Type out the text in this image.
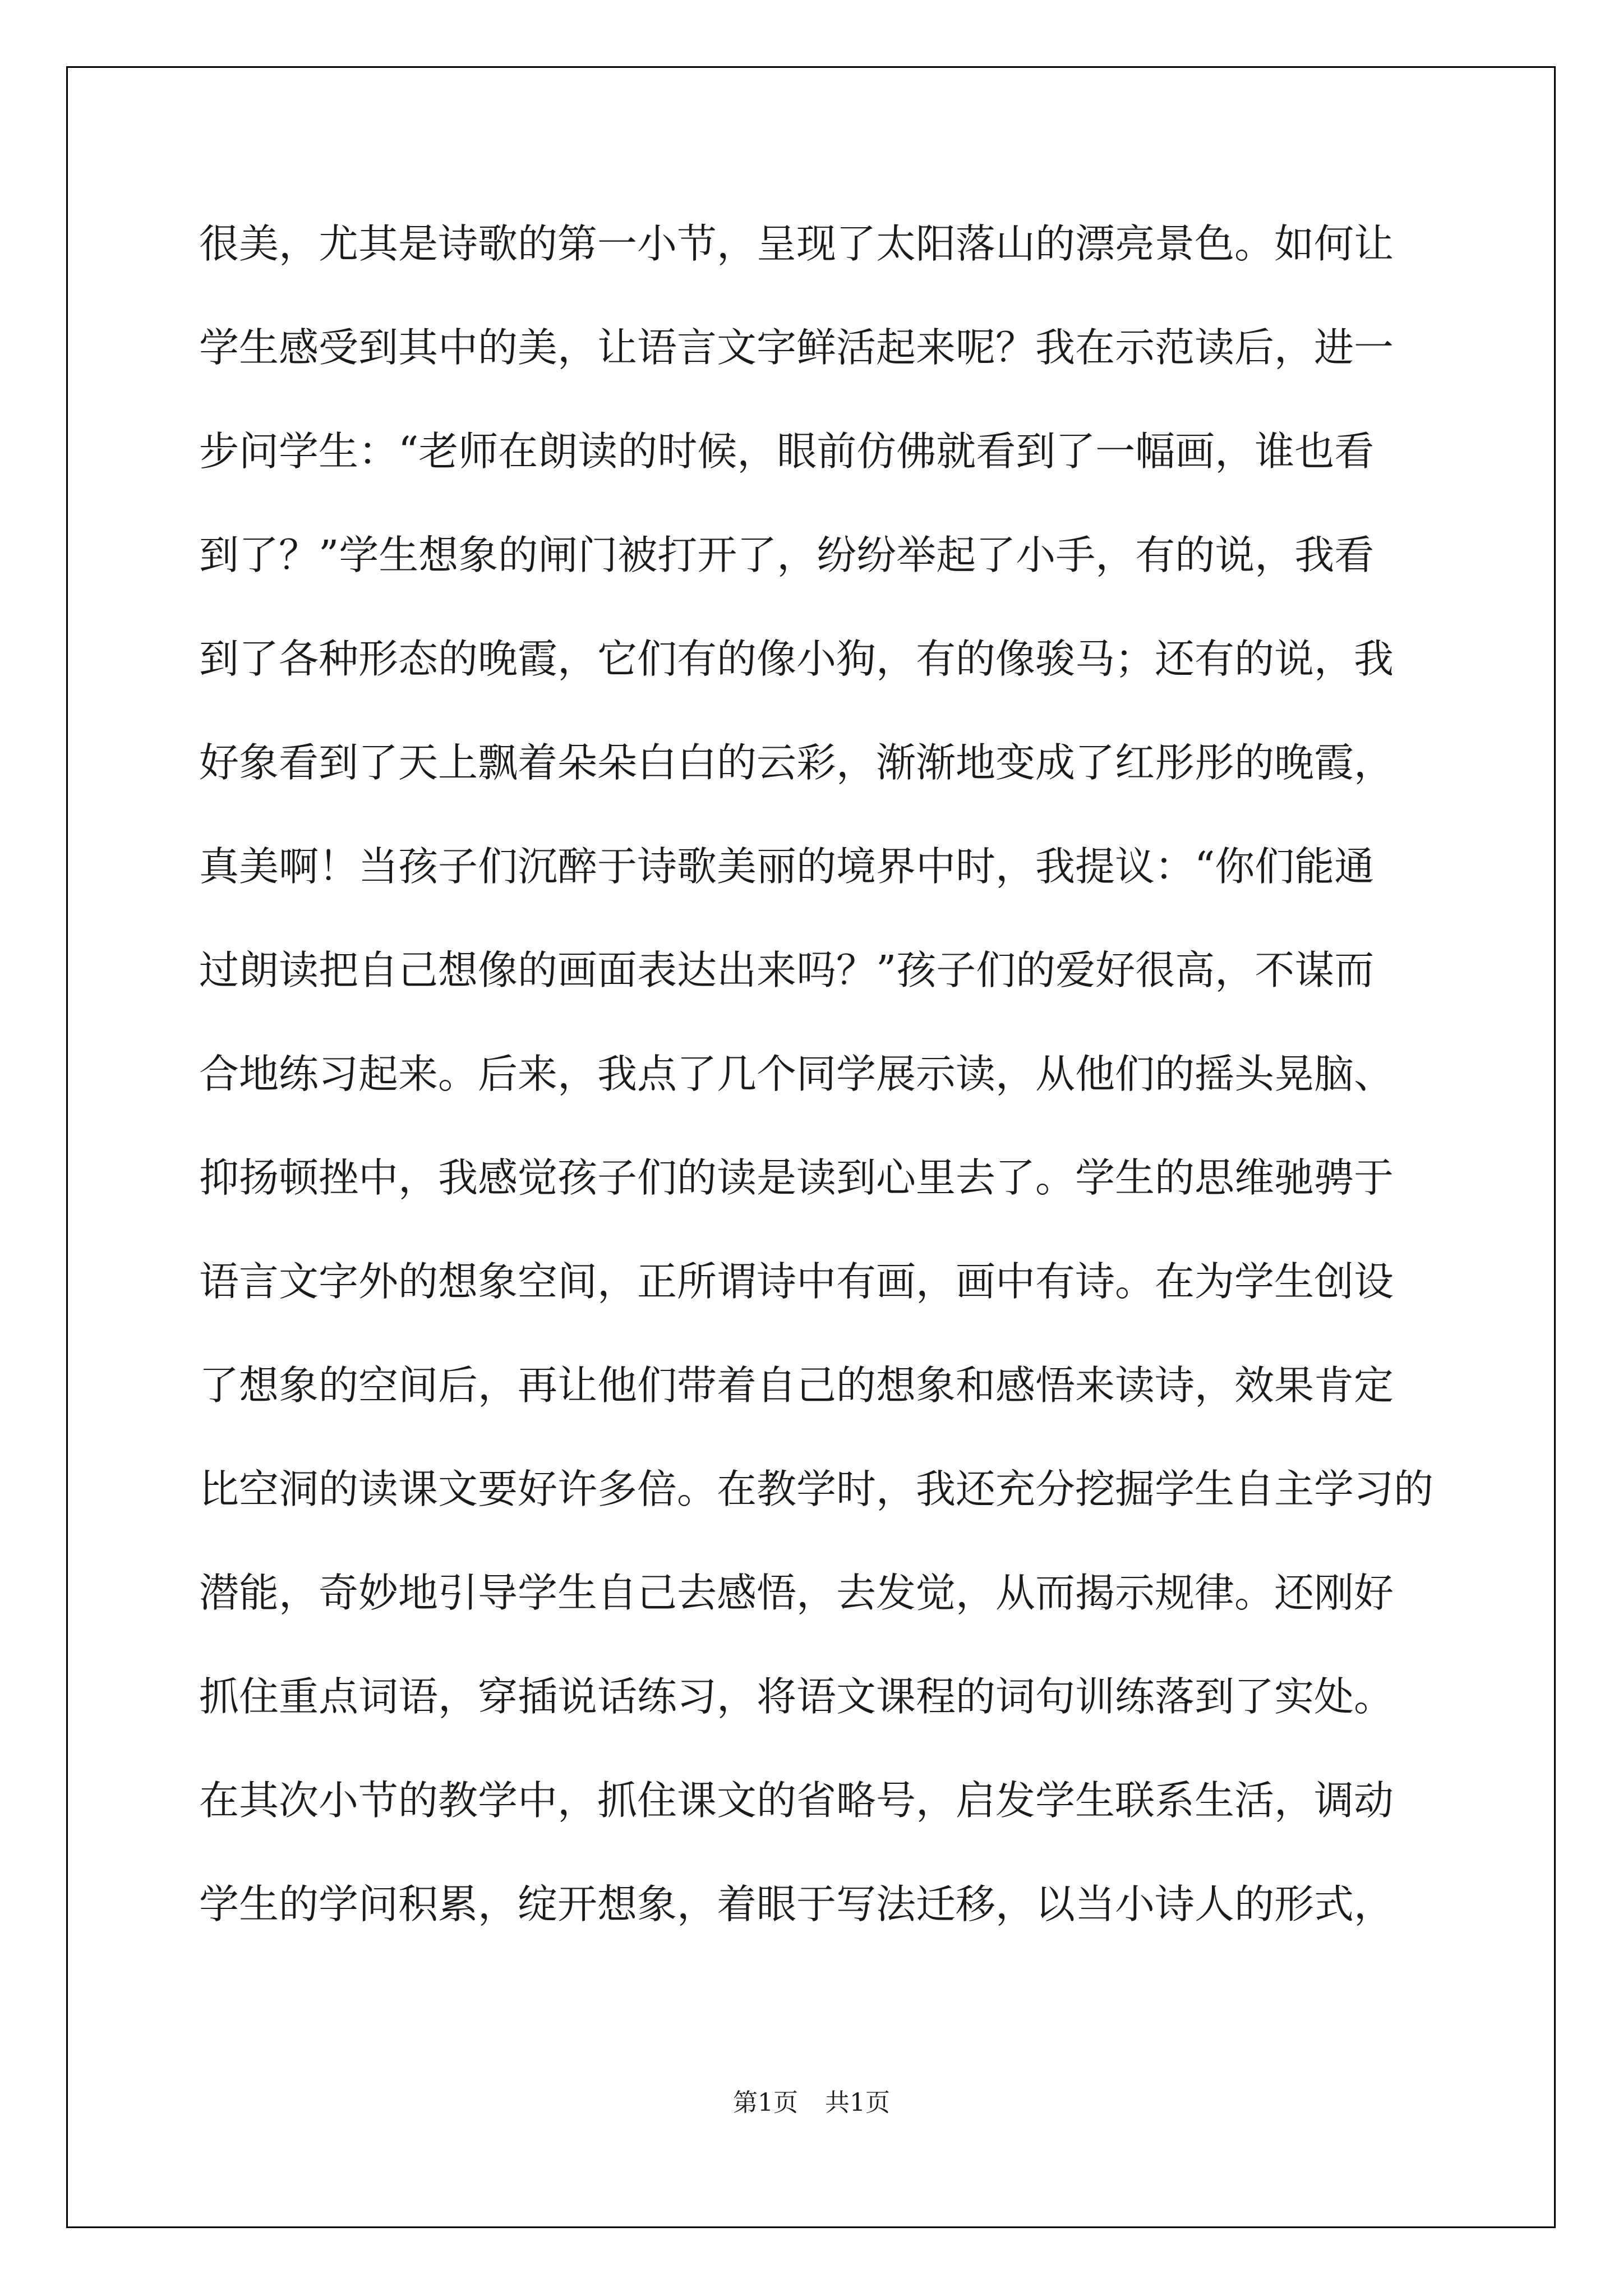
很美，尤其是诗歌的第一小节，呈现了太阳落山的漂亮景色。如何让
学生感受到其中的美，让语言文字鲜活起来呢？我在示范读后，进一
步问学生：“老师在朗读的时候，眼前仿佛就看到了一幅画，谁也看
到了？”学生想象的闸门被打开了，纷纷举起了小手，有的说，我看
到了各种形态的晚霞，它们有的像小狗，有的像骏马；还有的说，我
好象看到了天上飘着朵朵白白的云彩，渐渐地变成了红彤彤的晚霞，
真美啊！当孩子们沉醉于诗歌美丽的境界中时，我提议：“你们能通
过朗读把自己想像的画面表达出来吗？”孩子们的爱好很高，不谋而
合地练习起来。后来，我点了几个同学展示读，从他们的摇头晃脑、
抑扬顿挫中，我感觉孩子们的读是读到心里去了。学生的思维驰骋于
语言文字外的想象空间，正所谓诗中有画，画中有诗。在为学生创设
了想象的空间后，再让他们带着自己的想象和感悟来读诗，效果肯定
比空洞的读课文要好许多倍。在教学时，我还充分挖掘学生自主学习的
潜能，奇妙地引导学生自己去感悟，去发觉，从而揭示规律。还刚好
抓住重点词语，穿插说话练习，将语文课程的词句训练落到了实处。
在其次小节的教学中，抓住课文的省略号，启发学生联系生活，调动
学生的学问积累，绽开想象，着眼于写法迁移，以当小诗人的形式，
第1页 共1页
